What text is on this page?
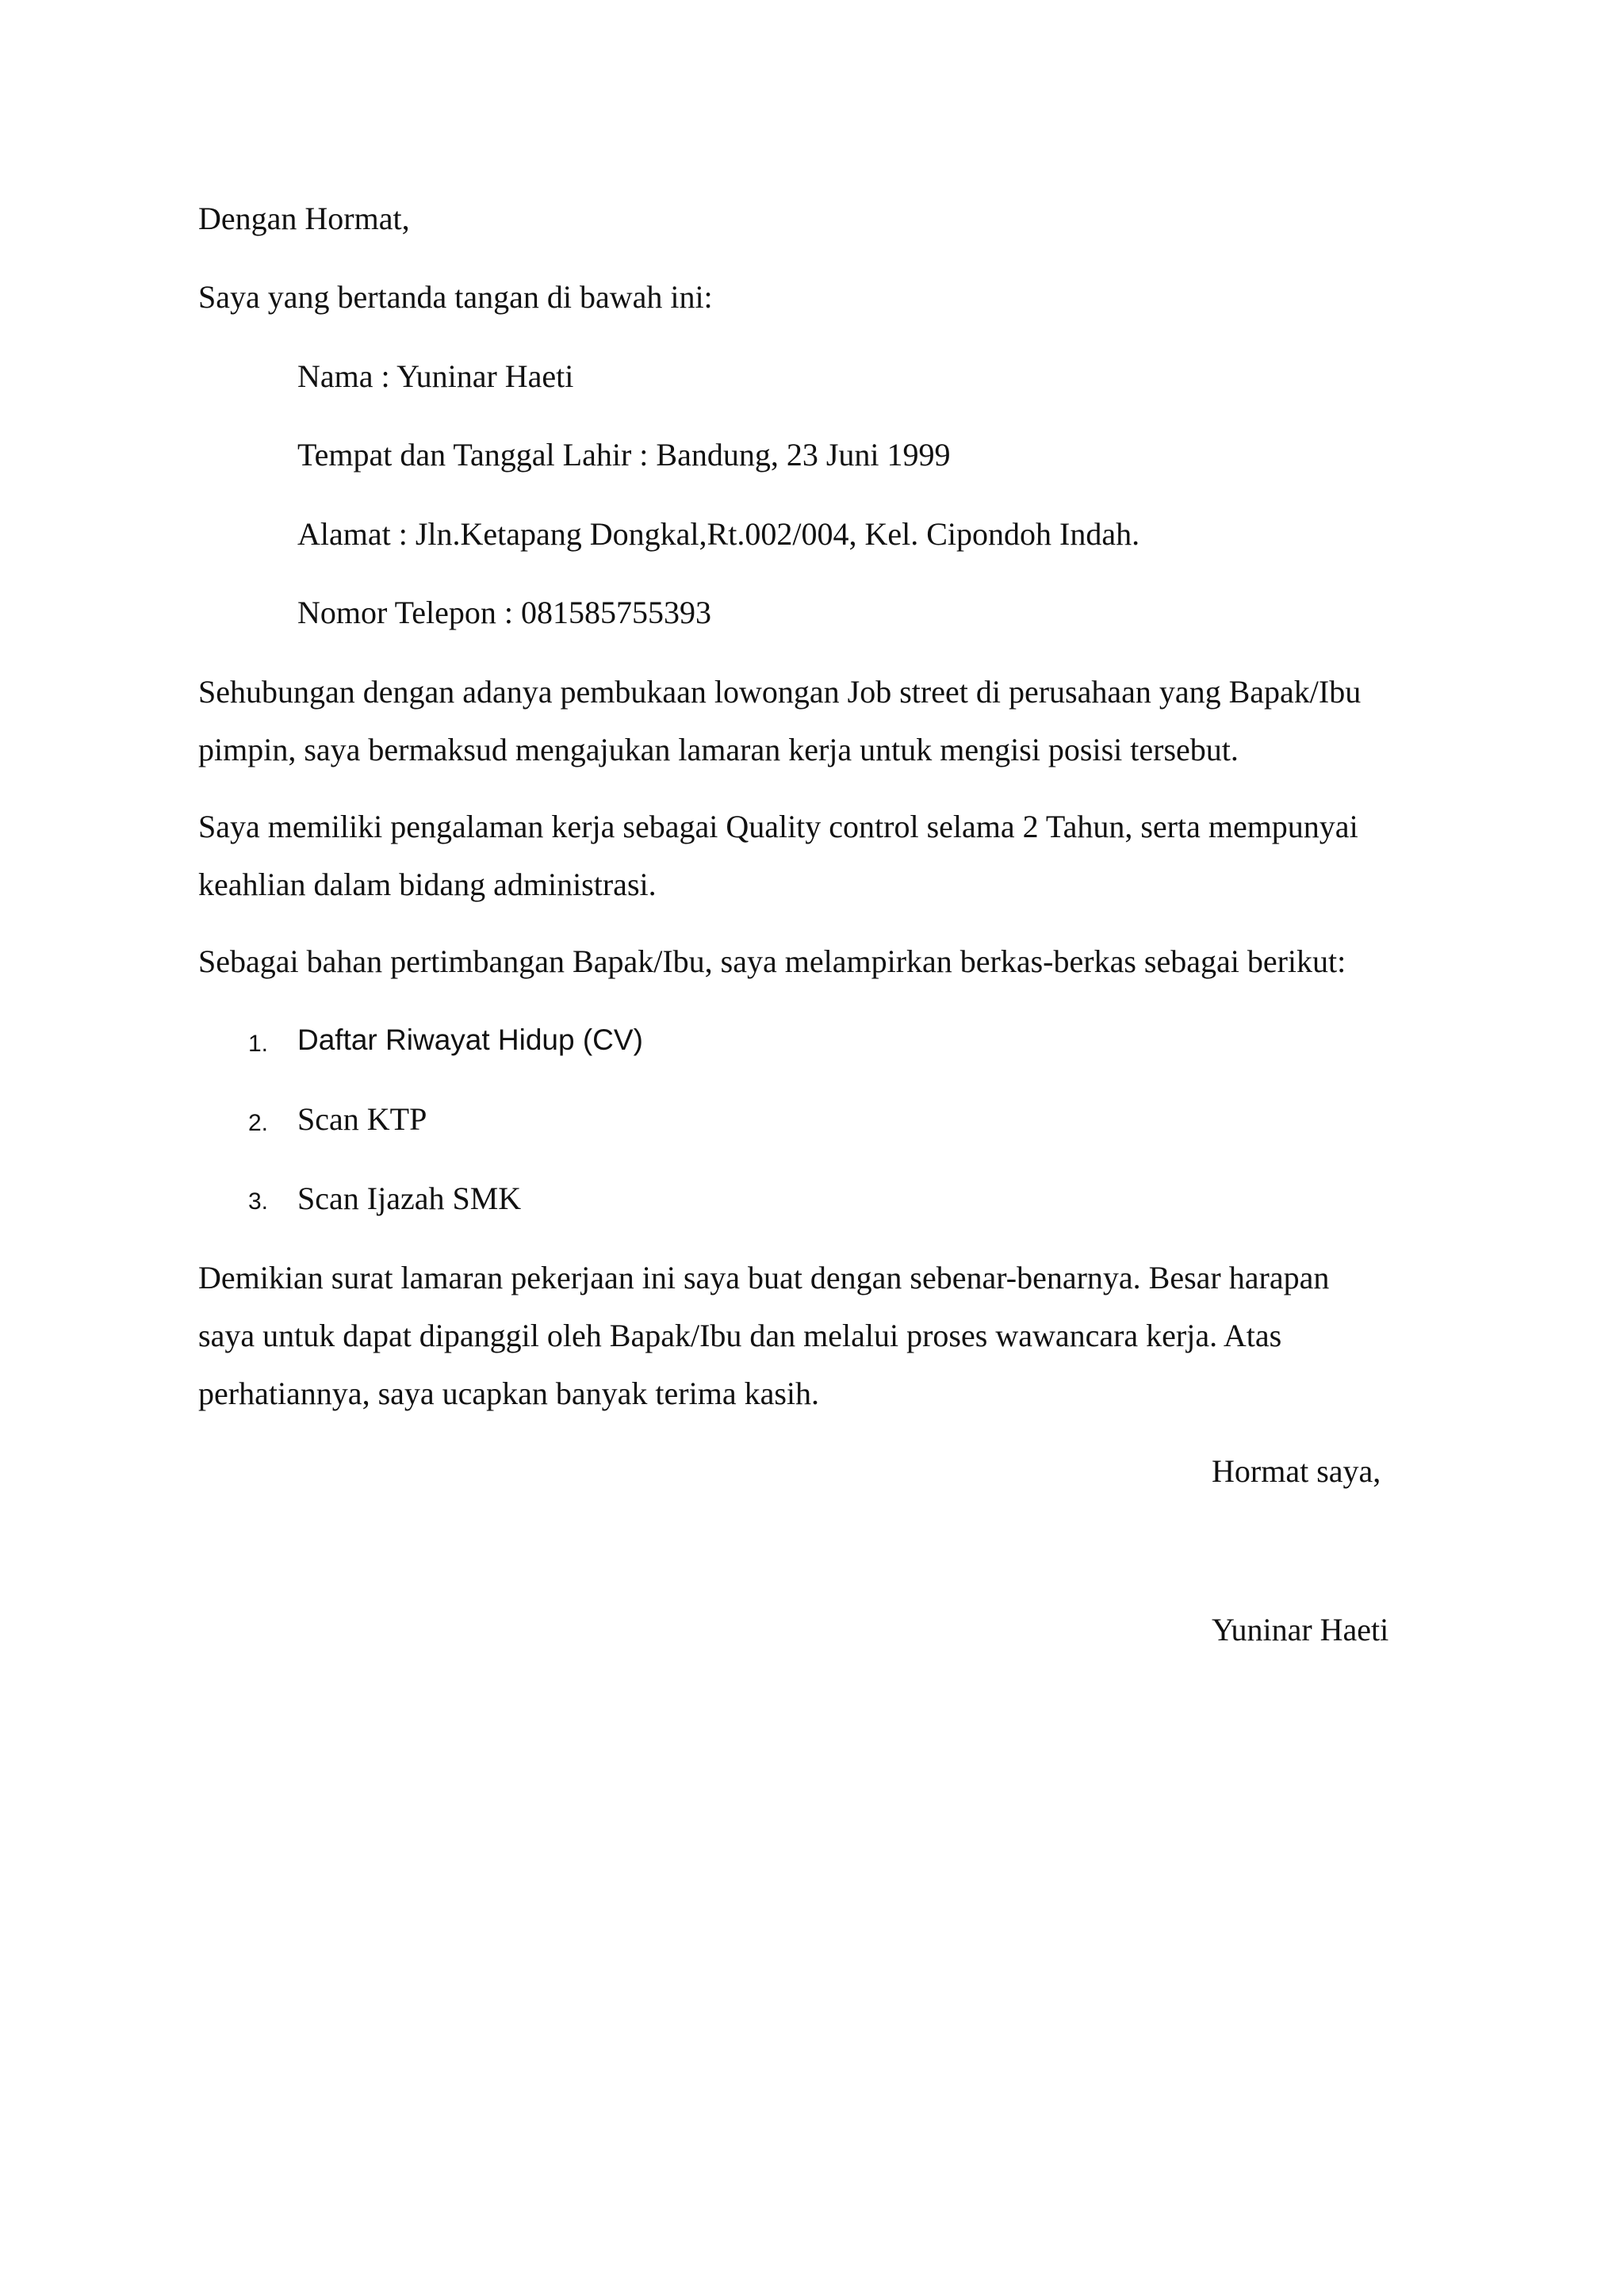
Dengan Hormat,
Saya yang bertanda tangan di bawah ini:
Nama : Yuninar Haeti
Tempat dan Tanggal Lahir : Bandung, 23 Juni 1999
Alamat : Jln.Ketapang Dongkal,Rt.002/004, Kel. Cipondoh Indah.
Nomor Telepon : 081585755393
Sehubungan dengan adanya pembukaan lowongan Job street di perusahaan yang Bapak/Ibu
pimpin, saya bermaksud mengajukan lamaran kerja untuk mengisi posisi tersebut.
Saya memiliki pengalaman kerja sebagai Quality control selama 2 Tahun, serta mempunyai
keahlian dalam bidang administrasi.
Sebagai bahan pertimbangan Bapak/Ibu, saya melampirkan berkas-berkas sebagai berikut:
1. Daftar Riwayat Hidup (CV)
2. Scan KTP
3. Scan Ijazah SMK
Demikian surat lamaran pekerjaan ini saya buat dengan sebenar-benarnya. Besar harapan
saya untuk dapat dipanggil oleh Bapak/Ibu dan melalui proses wawancara kerja. Atas
perhatiannya, saya ucapkan banyak terima kasih.
Hormat saya,
Yuninar Haeti
